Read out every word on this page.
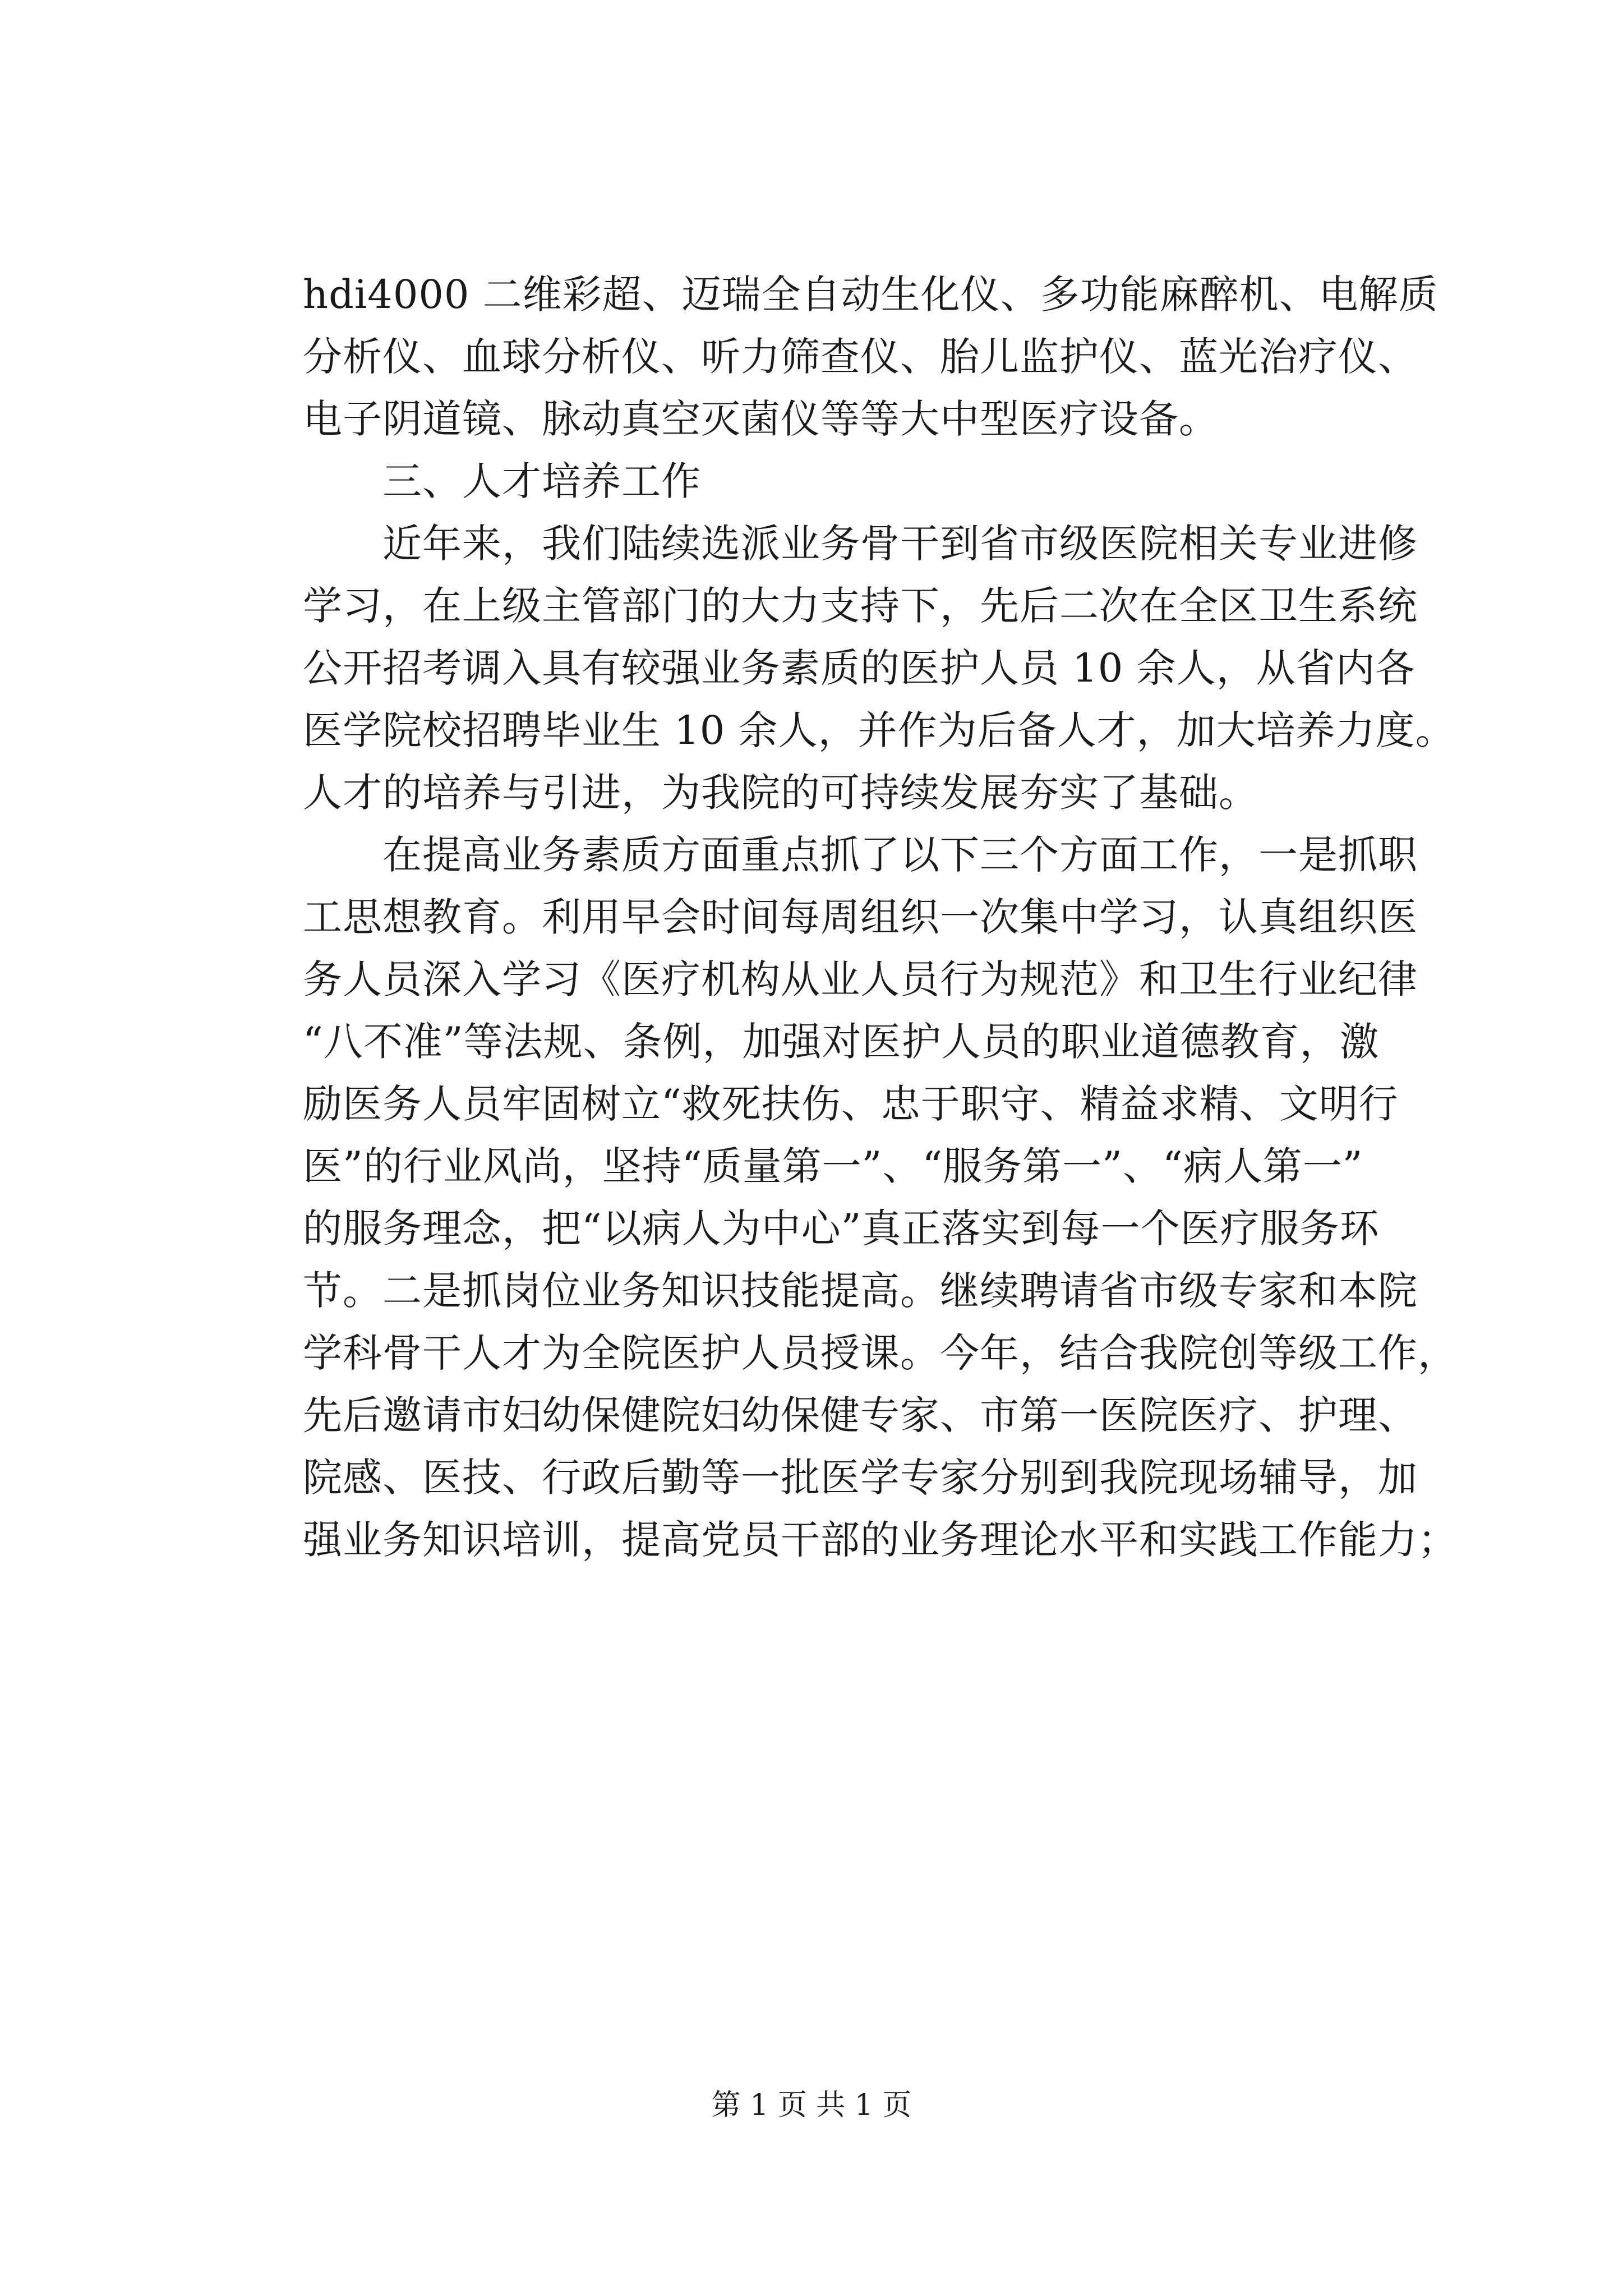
hdi4000 二维彩超、迈瑞全自动生化仪、多功能麻醉机、电解质
分析仪、血球分析仪、听力筛查仪、胎儿监护仪、蓝光治疗仪、
电子阴道镜、脉动真空灭菌仪等等大中型医疗设备。
三、人才培养工作
近年来，我们陆续选派业务骨干到省市级医院相关专业进修
学习，在上级主管部门的大力支持下，先后二次在全区卫生系统
公开招考调入具有较强业务素质的医护人员 10 余人，从省内各
医学院校招聘毕业生 10 余人，并作为后备人才，加大培养力度。
人才的培养与引进，为我院的可持续发展夯实了基础。
在提高业务素质方面重点抓了以下三个方面工作，一是抓职
工思想教育。利用早会时间每周组织一次集中学习，认真组织医
务人员深入学习《医疗机构从业人员行为规范》和卫生行业纪律
“八不准”等法规、条例，加强对医护人员的职业道德教育，激
励医务人员牢固树立“救死扶伤、忠于职守、精益求精、文明行
医”的行业风尚，坚持“质量第一”、“服务第一”、“病人第一”
的服务理念，把“以病人为中心”真正落实到每一个医疗服务环
节。二是抓岗位业务知识技能提高。继续聘请省市级专家和本院
学科骨干人才为全院医护人员授课。今年，结合我院创等级工作，
先后邀请市妇幼保健院妇幼保健专家、市第一医院医疗、护理、
院感、医技、行政后勤等一批医学专家分别到我院现场辅导，加
强业务知识培训，提高党员干部的业务理论水平和实践工作能力；
第 1 页 共 1 页
